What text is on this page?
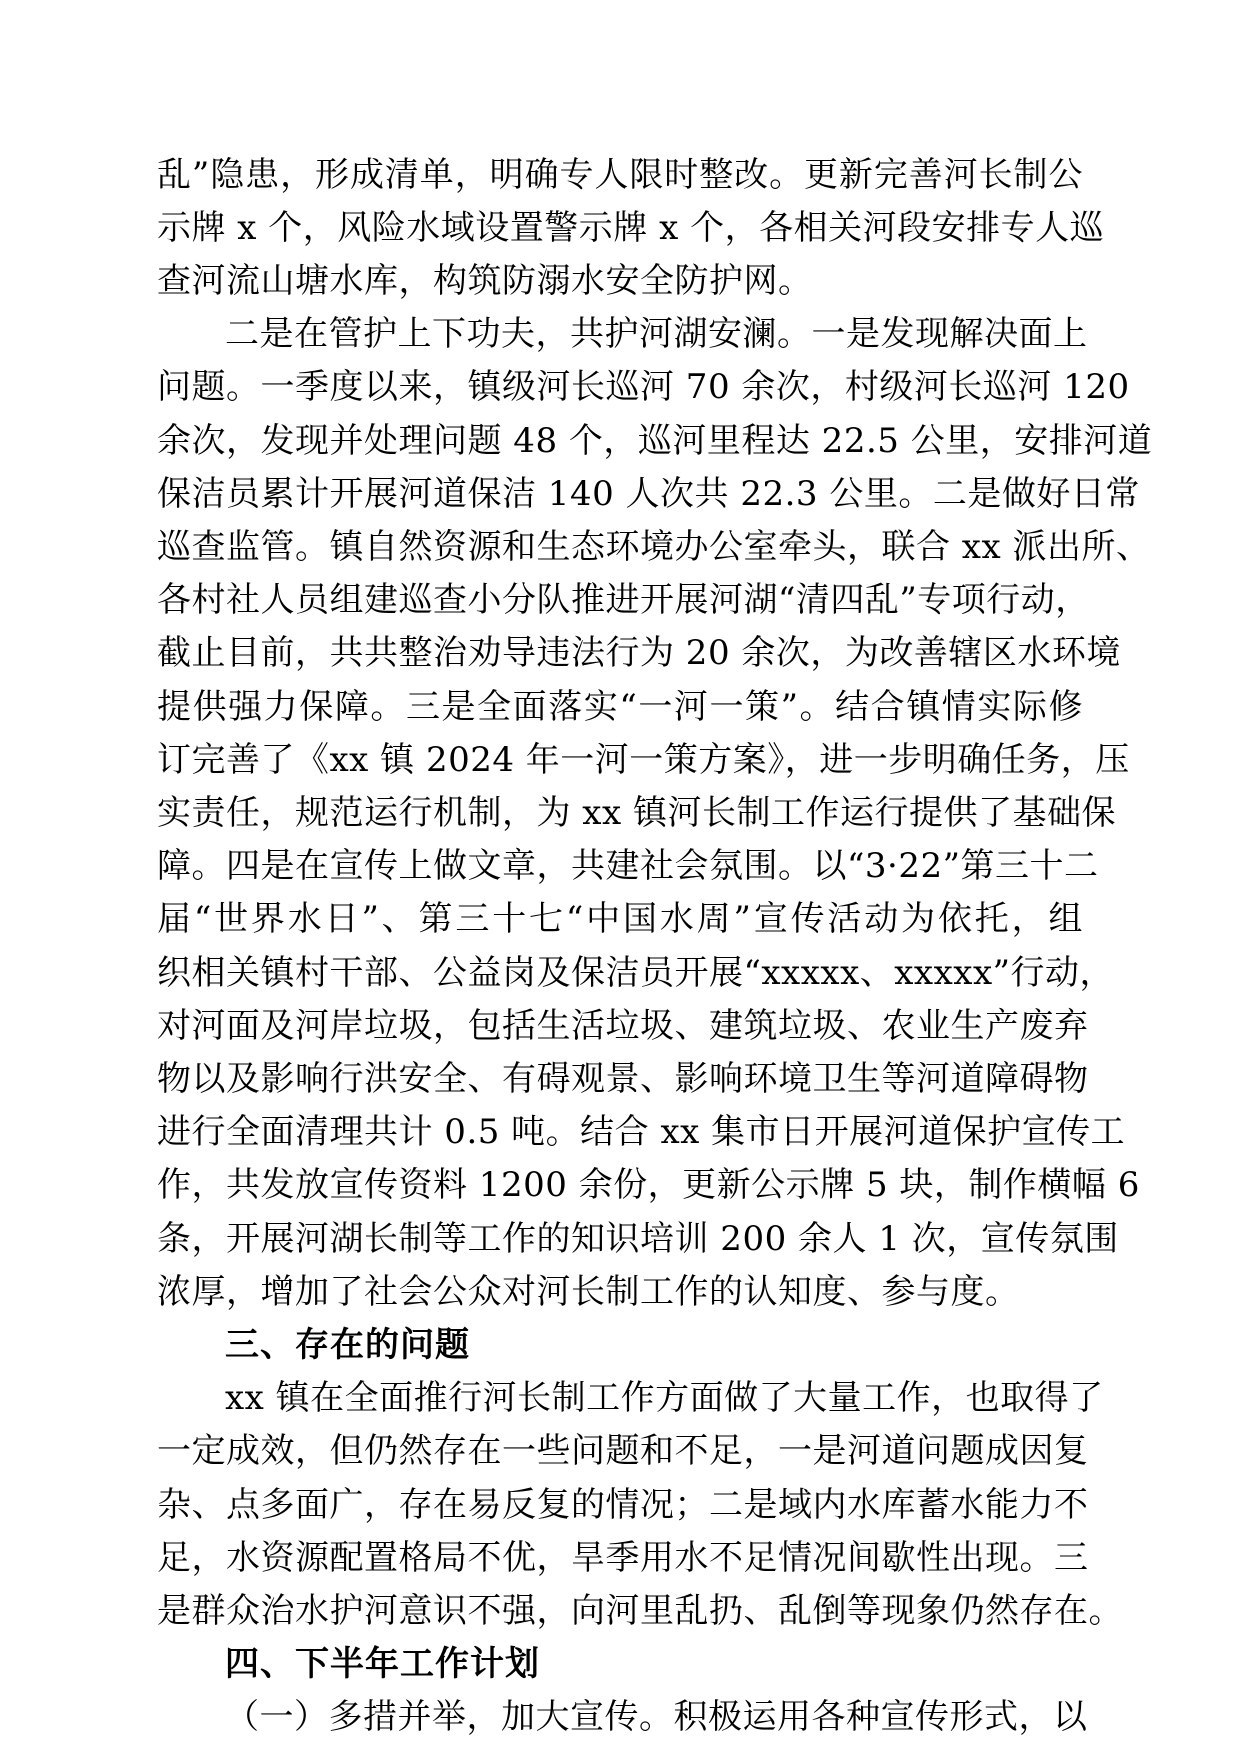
乱”隐患，形成清单，明确专人限时整改。更新完善河长制公
示牌 x 个，风险水域设置警示牌 x 个，各相关河段安排专人巡
查河流山塘水库，构筑防溺水安全防护网。
二是在管护上下功夫，共护河湖安澜。一是发现解决面上
问题。一季度以来，镇级河长巡河 70 余次，村级河长巡河 120
余次，发现并处理问题 48 个，巡河里程达 22.5 公里，安排河道
保洁员累计开展河道保洁 140 人次共 22.3 公里。二是做好日常
巡查监管。镇自然资源和生态环境办公室牵头，联合 xx 派出所、
各村社人员组建巡查小分队推进开展河湖“清四乱”专项行动，
截止目前，共共整治劝导违法行为 20 余次，为改善辖区水环境
提供强力保障。三是全面落实“一河一策”。结合镇情实际修
订完善了《xx 镇 2024 年一河一策方案》，进一步明确任务，压
实责任，规范运行机制，为 xx 镇河长制工作运行提供了基础保
障。四是在宣传上做文章，共建社会氛围。以“3·22”第三十二
届“世界水日”、第三十七“中国水周”宣传活动为依托，组
织相关镇村干部、公益岗及保洁员开展“xxxxx、xxxxx”行动，
对河面及河岸垃圾，包括生活垃圾、建筑垃圾、农业生产废弃
物以及影响行洪安全、有碍观景、影响环境卫生等河道障碍物
进行全面清理共计 0.5 吨。结合 xx 集市日开展河道保护宣传工
作，共发放宣传资料 1200 余份，更新公示牌 5 块，制作横幅 6
条，开展河湖长制等工作的知识培训 200 余人 1 次，宣传氛围
浓厚，增加了社会公众对河长制工作的认知度、参与度。
三、存在的问题
xx 镇在全面推行河长制工作方面做了大量工作，也取得了
一定成效，但仍然存在一些问题和不足，一是河道问题成因复
杂、点多面广，存在易反复的情况；二是域内水库蓄水能力不
足，水资源配置格局不优，旱季用水不足情况间歇性出现。三
是群众治水护河意识不强，向河里乱扔、乱倒等现象仍然存在。
四、下半年工作计划
（一）多措并举，加大宣传。积极运用各种宣传形式，以
